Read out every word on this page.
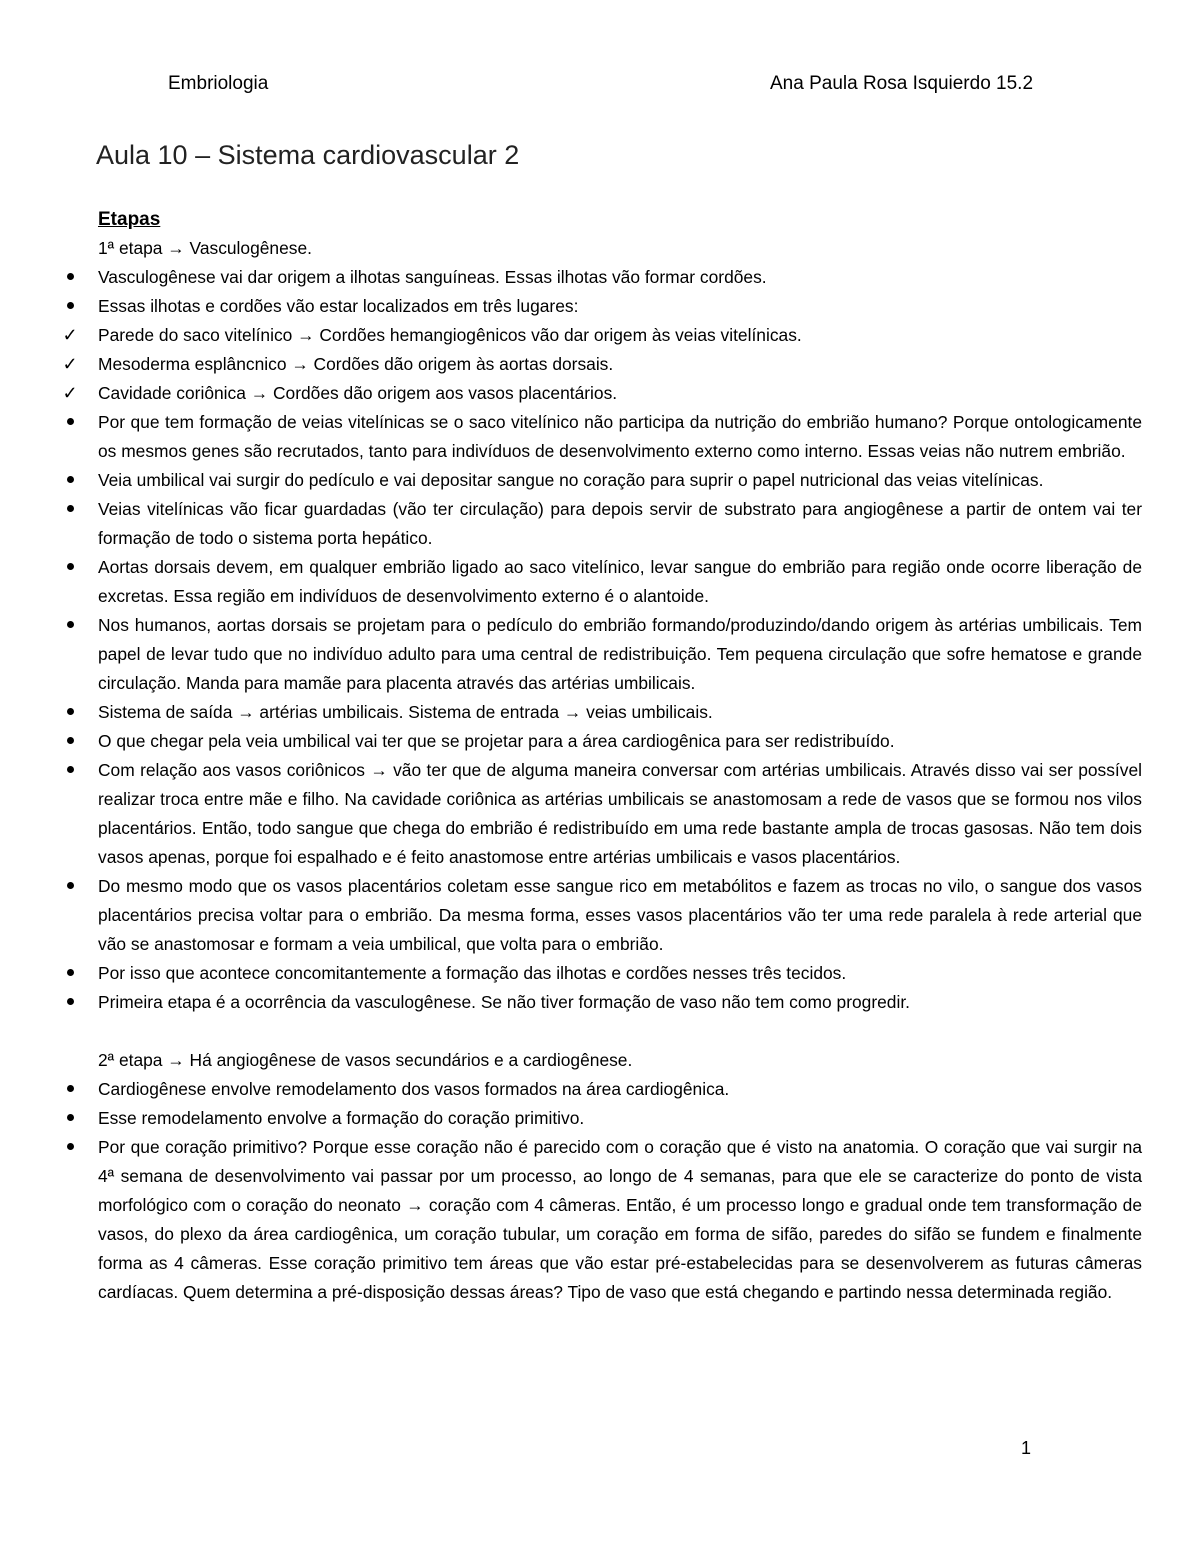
Embriologia	Ana Paula Rosa Isquierdo 15.2
Aula 10 – Sistema cardiovascular 2
Etapas
1ª etapa → Vasculogênese.
Vasculogênese vai dar origem a ilhotas sanguíneas. Essas ilhotas vão formar cordões.
Essas ilhotas e cordões vão estar localizados em três lugares:
✓ Parede do saco vitelínico → Cordões hemangiogênicos vão dar origem às veias vitelínicas.
✓ Mesoderma esplâncnico → Cordões dão origem às aortas dorsais.
✓ Cavidade coriônica → Cordões dão origem aos vasos placentários.
Por que tem formação de veias vitelínicas se o saco vitelínico não participa da nutrição do embrião humano? Porque ontologicamente os mesmos genes são recrutados, tanto para indivíduos de desenvolvimento externo como interno. Essas veias não nutrem embrião.
Veia umbilical vai surgir do pedículo e vai depositar sangue no coração para suprir o papel nutricional das veias vitelínicas.
Veias vitelínicas vão ficar guardadas (vão ter circulação) para depois servir de substrato para angiogênese a partir de ontem vai ter formação de todo o sistema porta hepático.
Aortas dorsais devem, em qualquer embrião ligado ao saco vitelínico, levar sangue do embrião para região onde ocorre liberação de excretas. Essa região em indivíduos de desenvolvimento externo é o alantoide.
Nos humanos, aortas dorsais se projetam para o pedículo do embrião formando/produzindo/dando origem às artérias umbilicais. Tem papel de levar tudo que no indivíduo adulto para uma central de redistribuição. Tem pequena circulação que sofre hematose e grande circulação. Manda para mamãe para placenta através das artérias umbilicais.
Sistema de saída → artérias umbilicais. Sistema de entrada → veias umbilicais.
O que chegar pela veia umbilical vai ter que se projetar para a área cardiogênica para ser redistribuído.
Com relação aos vasos coriônicos → vão ter que de alguma maneira conversar com artérias umbilicais. Através disso vai ser possível realizar troca entre mãe e filho. Na cavidade coriônica as artérias umbilicais se anastomosam a rede de vasos que se formou nos vilos placentários. Então, todo sangue que chega do embrião é redistribuído em uma rede bastante ampla de trocas gasosas. Não tem dois vasos apenas, porque foi espalhado e é feito anastomose entre artérias umbilicais e vasos placentários.
Do mesmo modo que os vasos placentários coletam esse sangue rico em metabólitos e fazem as trocas no vilo, o sangue dos vasos placentários precisa voltar para o embrião. Da mesma forma, esses vasos placentários vão ter uma rede paralela à rede arterial que vão se anastomosar e formam a veia umbilical, que volta para o embrião.
Por isso que acontece concomitantemente a formação das ilhotas e cordões nesses três tecidos.
Primeira etapa é a ocorrência da vasculogênese. Se não tiver formação de vaso não tem como progredir.
2ª etapa → Há angiogênese de vasos secundários e a cardiogênese.
Cardiogênese envolve remodelamento dos vasos formados na área cardiogênica.
Esse remodelamento envolve a formação do coração primitivo.
Por que coração primitivo? Porque esse coração não é parecido com o coração que é visto na anatomia. O coração que vai surgir na 4ª semana de desenvolvimento vai passar por um processo, ao longo de 4 semanas, para que ele se caracterize do ponto de vista morfológico com o coração do neonato → coração com 4 câmeras. Então, é um processo longo e gradual onde tem transformação de vasos, do plexo da área cardiogênica, um coração tubular, um coração em forma de sifão, paredes do sifão se fundem e finalmente forma as 4 câmeras. Esse coração primitivo tem áreas que vão estar pré-estabelecidas para se desenvolverem as futuras câmeras cardíacas. Quem determina a pré-disposição dessas áreas? Tipo de vaso que está chegando e partindo nessa determinada região.
1
